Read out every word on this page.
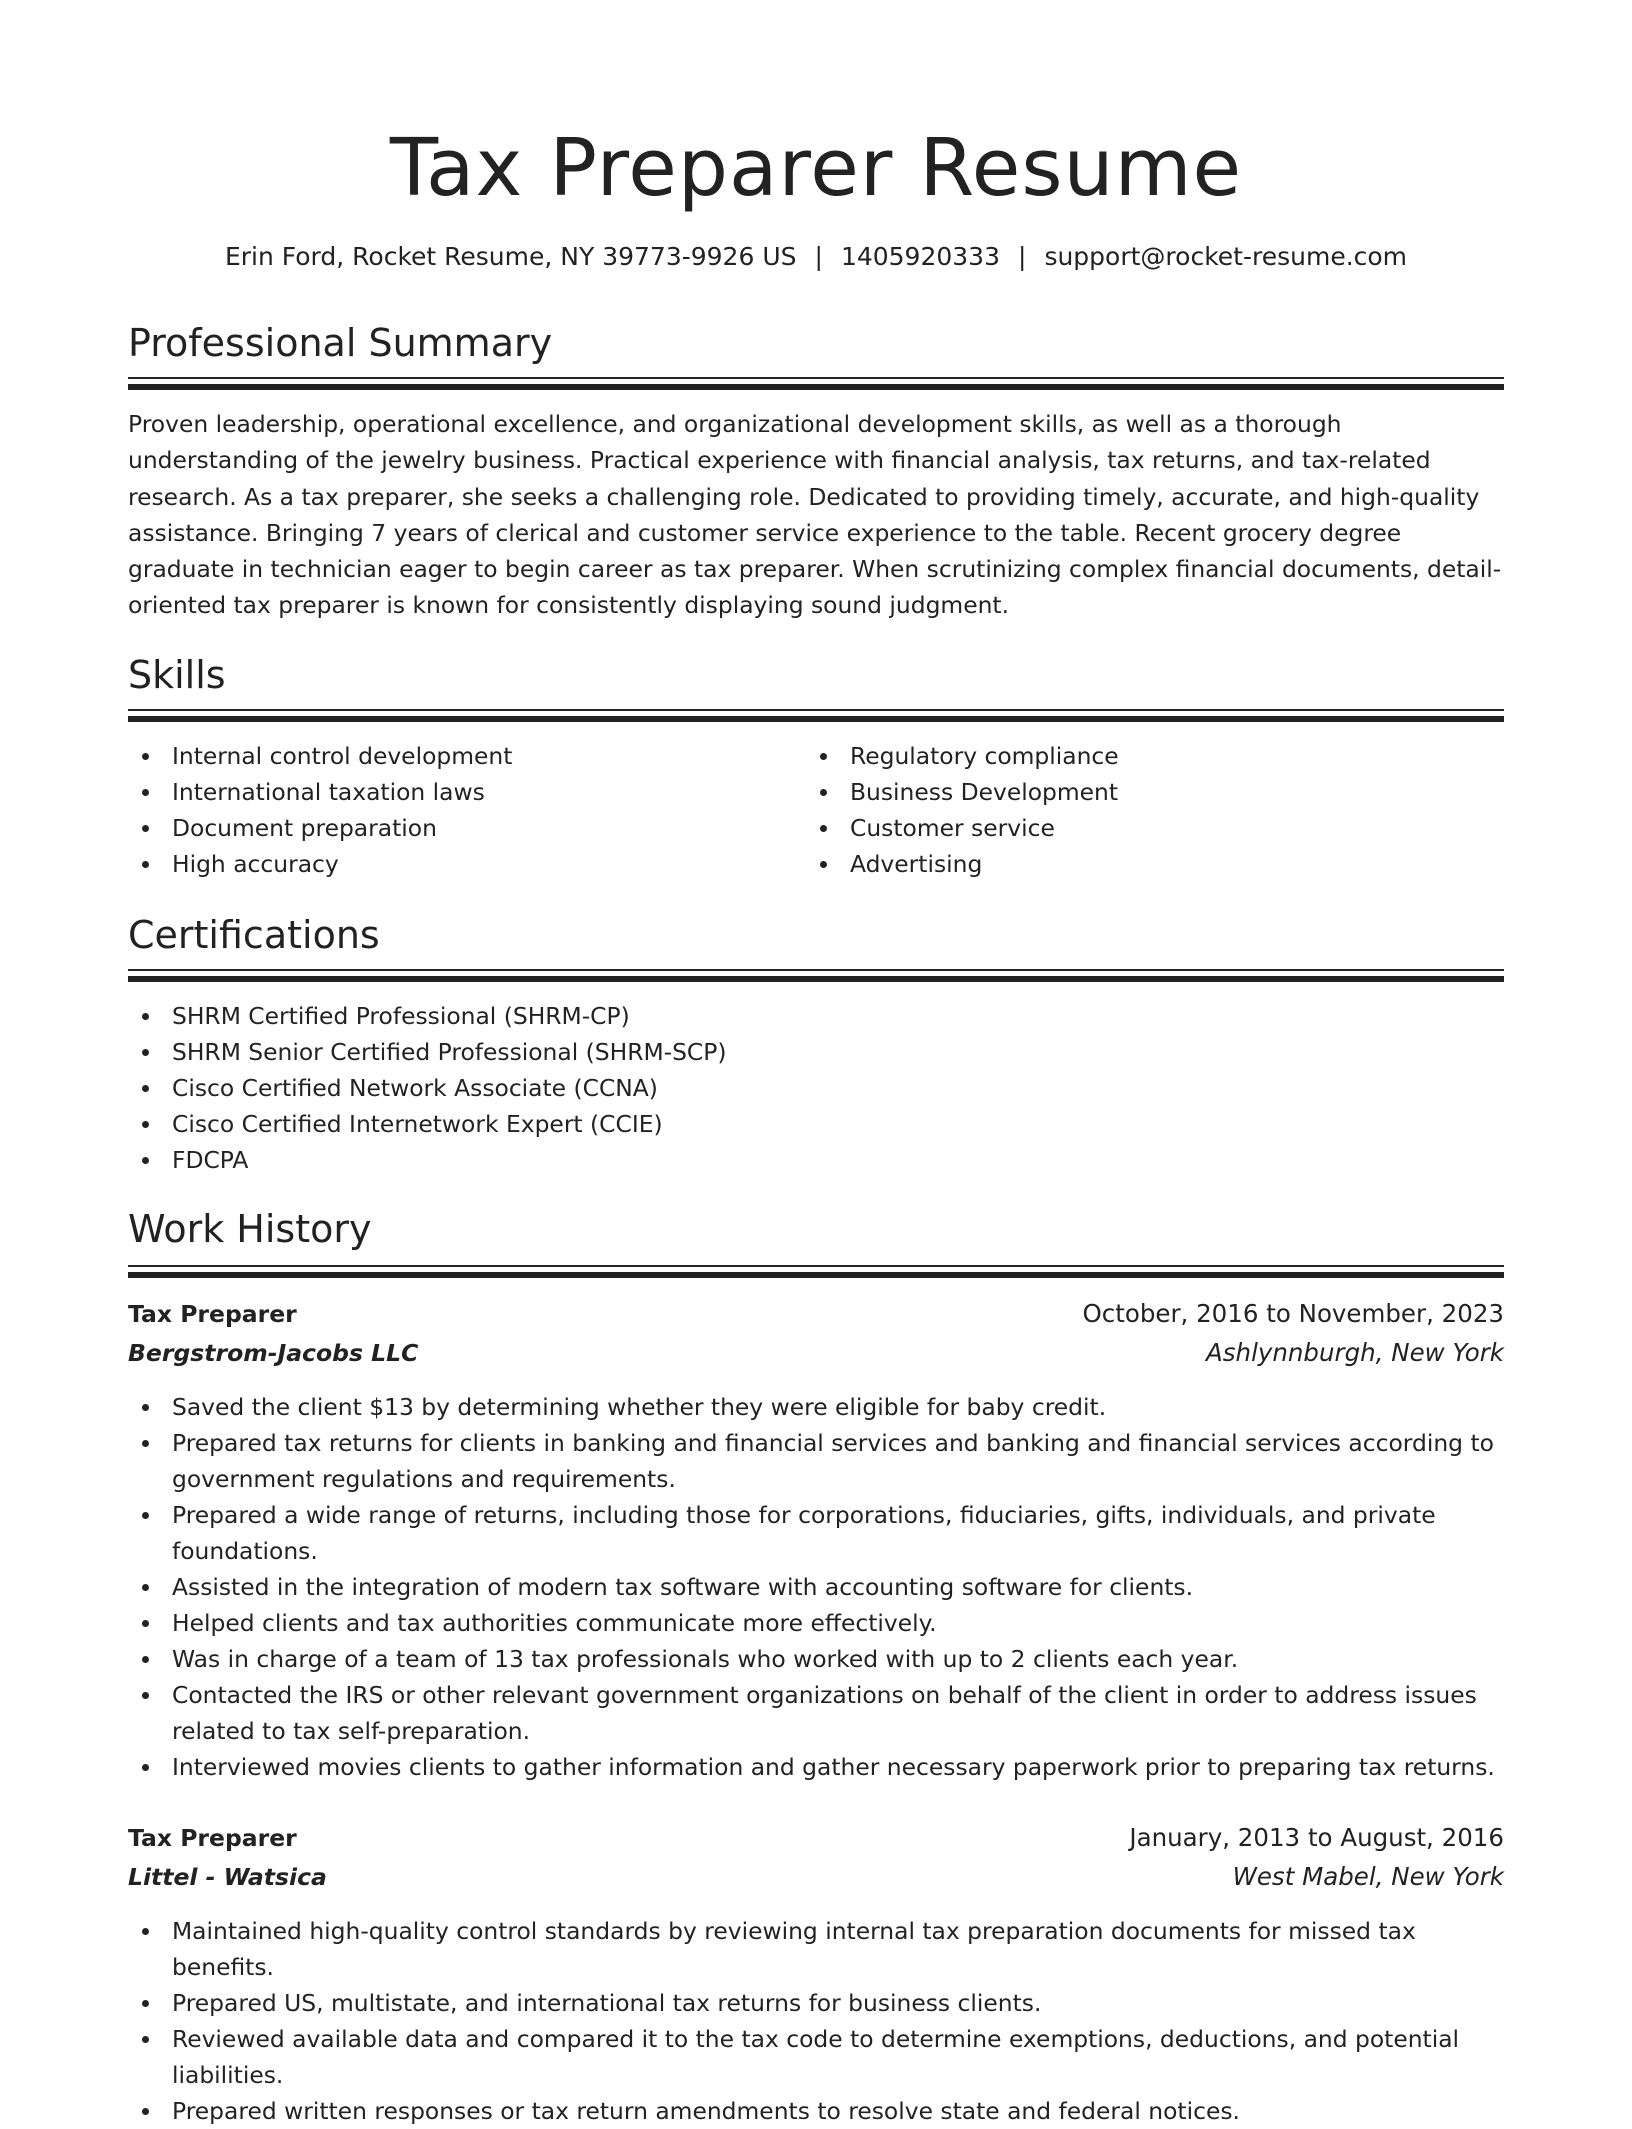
Tax Preparer Resume
Erin Ford, Rocket Resume, NY 39773-9926 US | 1405920333 | support@rocket-resume.com
Professional Summary

Proven leadership, operational excellence, and organizational development skills, as well as a thorough understanding of the jewelry business. Practical experience with financial analysis, tax returns, and tax-related research. As a tax preparer, she seeks a challenging role. Dedicated to providing timely, accurate, and high-quality assistance. Bringing 7 years of clerical and customer service experience to the table. Recent grocery degree graduate in technician eager to begin career as tax preparer. When scrutinizing complex financial documents, detail-oriented tax preparer is known for consistently displaying sound judgment.

Skills
Internal control development
International taxation laws
Document preparation
High accuracy
Regulatory compliance
Business Development
Customer service
Advertising
Certifications
SHRM Certified Professional (SHRM-CP)
SHRM Senior Certified Professional (SHRM-SCP)
Cisco Certified Network Associate (CCNA)
Cisco Certified Internetwork Expert (CCIE)
FDCPA
Work History
Tax Preparer	October, 2016 to November, 2023
Bergstrom-Jacobs LLC	Ashlynnburgh, New York
Saved the client $13 by determining whether they were eligible for baby credit.
Prepared tax returns for clients in banking and financial services and banking and financial services according to government regulations and requirements.
Prepared a wide range of returns, including those for corporations, fiduciaries, gifts, individuals, and private foundations.
Assisted in the integration of modern tax software with accounting software for clients.
Helped clients and tax authorities communicate more effectively.
Was in charge of a team of 13 tax professionals who worked with up to 2 clients each year.
Contacted the IRS or other relevant government organizations on behalf of the client in order to address issues related to tax self-preparation.
Interviewed movies clients to gather information and gather necessary paperwork prior to preparing tax returns.
Tax Preparer	January, 2013 to August, 2016
Littel - Watsica	West Mabel, New York
Maintained high-quality control standards by reviewing internal tax preparation documents for missed tax benefits.
Prepared US, multistate, and international tax returns for business clients.
Reviewed available data and compared it to the tax code to determine exemptions, deductions, and potential liabilities.
Prepared written responses or tax return amendments to resolve state and federal notices.
